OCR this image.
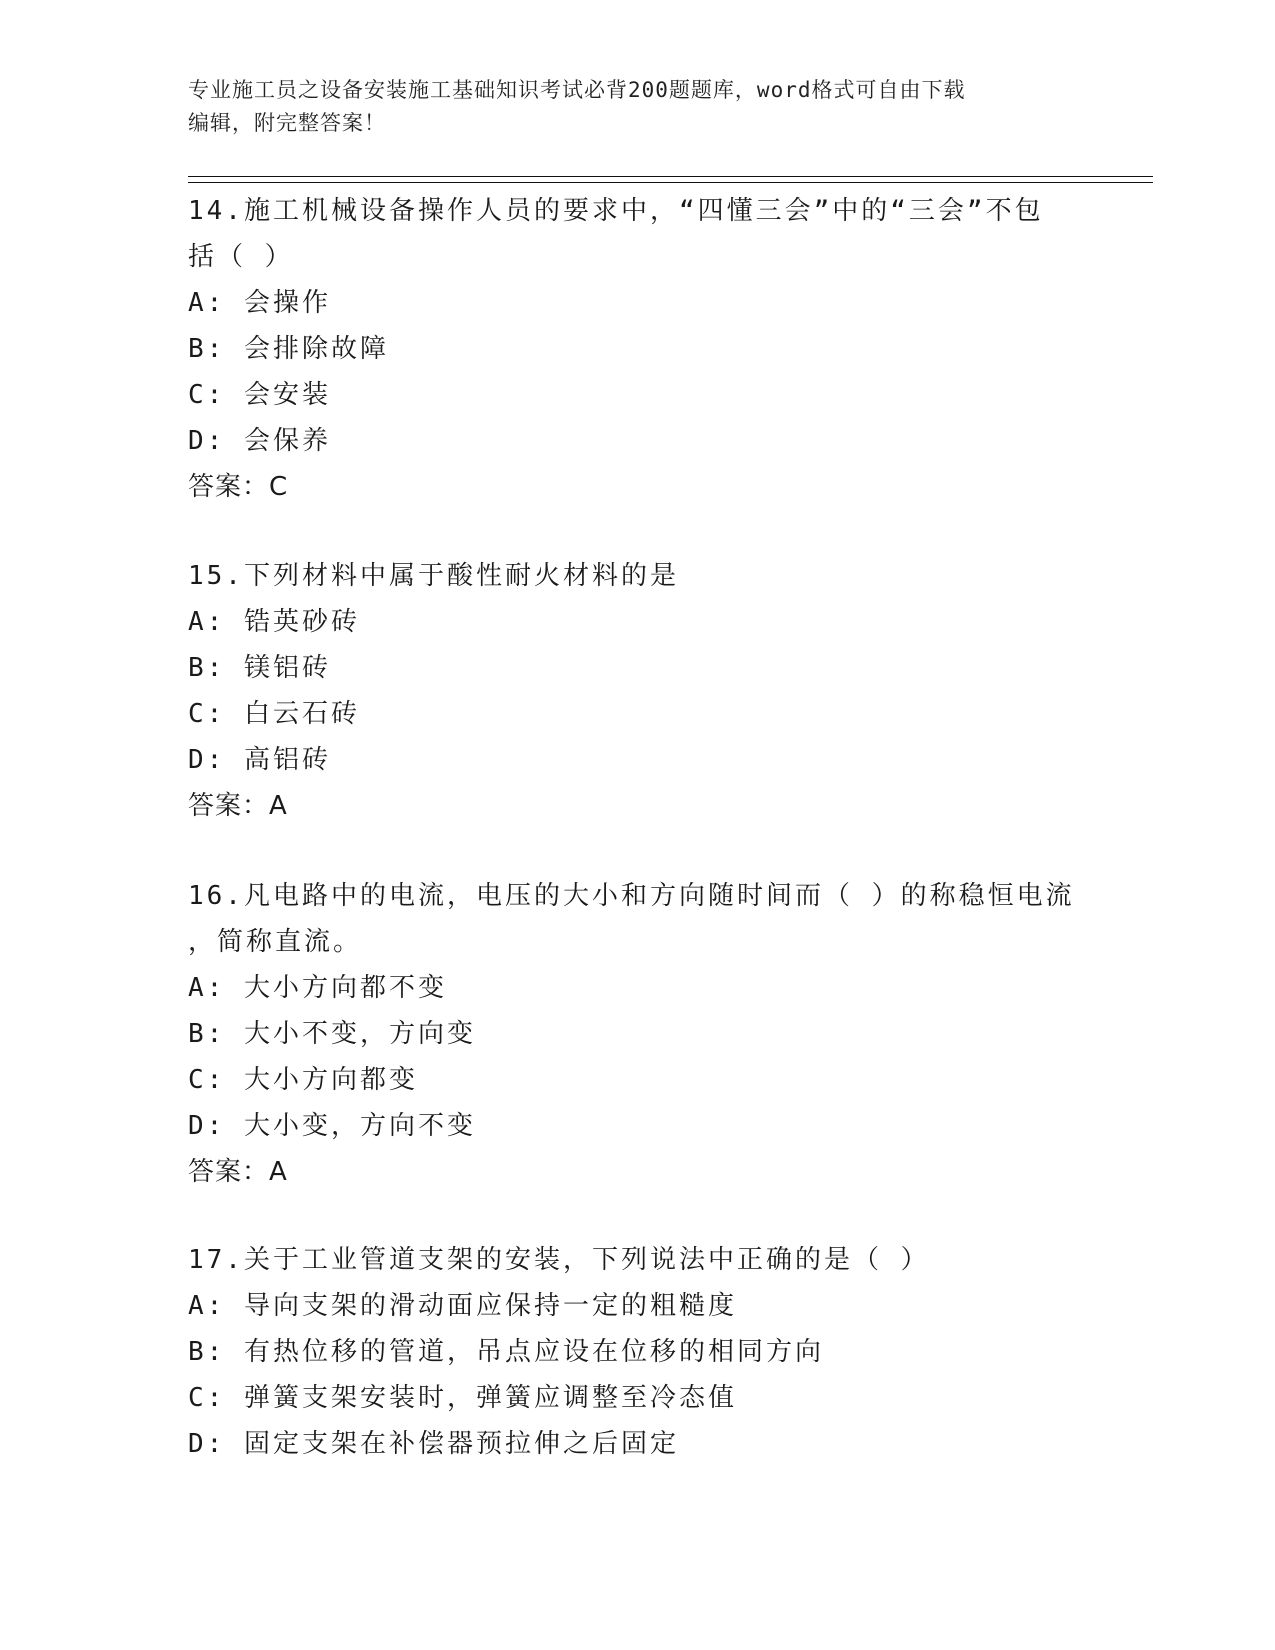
专业施工员之设备安装施工基础知识考试必背200题题库，word格式可自由下载
编辑，附完整答案！
14.施工机械设备操作人员的要求中，“四懂三会”中的“三会”不包
括（ ）
A: 会操作
B: 会排除故障
C: 会安装
D: 会保养
答案：C
15.下列材料中属于酸性耐火材料的是
A: 锆英砂砖
B: 镁铝砖
C: 白云石砖
D: 高铝砖
答案：A
16.凡电路中的电流，电压的大小和方向随时间而（ ）的称稳恒电流
，简称直流。
A: 大小方向都不变
B: 大小不变，方向变
C: 大小方向都变
D: 大小变，方向不变
答案：A
17.关于工业管道支架的安装，下列说法中正确的是（ ）
A: 导向支架的滑动面应保持一定的粗糙度
B: 有热位移的管道，吊点应设在位移的相同方向
C: 弹簧支架安装时，弹簧应调整至冷态值
D: 固定支架在补偿器预拉伸之后固定
